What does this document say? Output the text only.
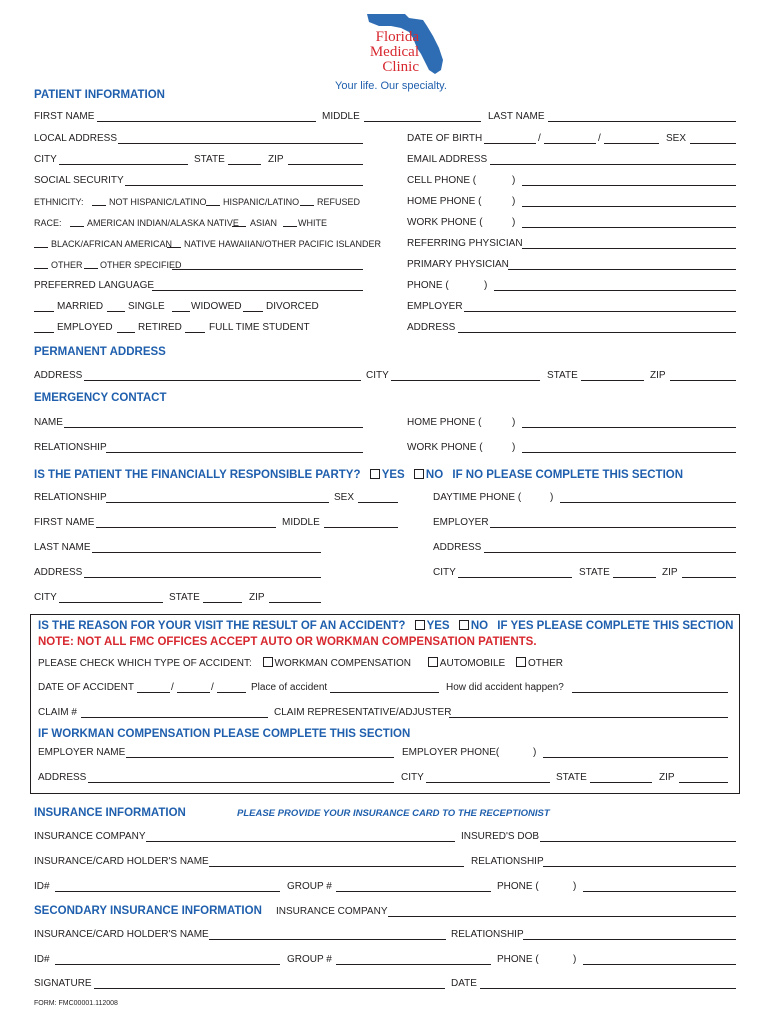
Florida
Medical
Clinic
Your life. Our specialty.
PATIENT INFORMATION
FIRST NAME	MIDDLE	LAST NAME
LOCAL ADDRESS	DATE OF BIRTH	/	/	SEX
CITY	STATE	ZIP	EMAIL ADDRESS
SOCIAL SECURITY	CELL PHONE (	)
ETHNICITY:	NOT HISPANIC/LATINO HISPANIC/LATINO REFUSED	HOME PHONE (	)
RACE:	AMERICAN INDIAN/ALASKA NATIVE ASIAN WHITE	WORK PHONE (	)
BLACK/AFRICAN AMERICAN NATIVE HAWAIIAN/OTHER PACIFIC ISLANDER	REFERRING PHYSICIAN
OTHER OTHER SPECIFIED	PRIMARY PHYSICIAN
PREFERRED LANGUAGE	PHONE (	)
MARRIED SINGLE	WIDOWED DIVORCED	EMPLOYER
EMPLOYED	RETIRED	FULL TIME STUDENT	ADDRESS
PERMANENT ADDRESS
ADDRESS	CITY	STATE	ZIP
EMERGENCY CONTACT
NAME	HOME PHONE (	)
RELATIONSHIP	WORK PHONE (	)
IS THE PATIENT THE FINANCIALLY RESPONSIBLE PARTY? YES NO IF NO PLEASE COMPLETE THIS SECTION
RELATIONSHIP	SEX	DAYTIME PHONE (	)
FIRST NAME	MIDDLE	EMPLOYER
LAST NAME	ADDRESS
ADDRESS	CITY	STATE	ZIP
CITY	STATE	ZIP
IS THE REASON FOR YOUR VISIT THE RESULT OF AN ACCIDENT? YES NO IF YES PLEASE COMPLETE THIS SECTION
NOTE: NOT ALL FMC OFFICES ACCEPT AUTO OR WORKMAN COMPENSATION PATIENTS.
PLEASE CHECK WHICH TYPE OF ACCIDENT: WORKMAN COMPENSATION	AUTOMOBILE OTHER
DATE OF ACCIDENT	/	/	Place of accident	How did accident happen?
CLAIM #	CLAIM REPRESENTATIVE/ADJUSTER
IF WORKMAN COMPENSATION PLEASE COMPLETE THIS SECTION
EMPLOYER NAME	EMPLOYER PHONE(	)
ADDRESS	CITY	STATE	ZIP
INSURANCE INFORMATION	PLEASE PROVIDE YOUR INSURANCE CARD TO THE RECEPTIONIST
INSURANCE COMPANY	INSURED'S DOB
INSURANCE/CARD HOLDER'S NAME	RELATIONSHIP
ID#	GROUP #	PHONE (	)
SECONDARY INSURANCE INFORMATION INSURANCE COMPANY
INSURANCE/CARD HOLDER'S NAME	RELATIONSHIP
ID#	GROUP #	PHONE (	)
SIGNATURE	DATE
FORM: FMC00001.112008
